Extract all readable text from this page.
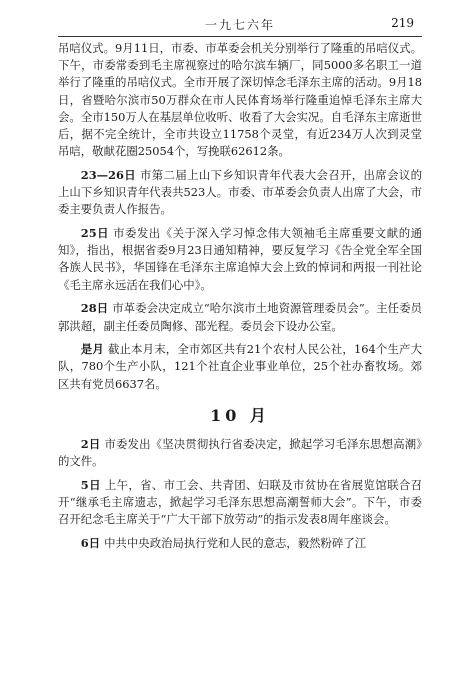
一九七六年	219

吊唁仪式。9月11日，市委、市革委会机关分别举行了隆重的吊唁仪式。下午，市委常委到毛主席视察过的哈尔滨车辆厂，同5000多名职工一道举行了隆重的吊唁仪式。全市开展了深切悼念毛泽东主席的活动。9月18日，省暨哈尔滨市50万群众在市人民体育场举行隆重追悼毛泽东主席大会。全市150万人在基层单位收听、收看了大会实况。自毛泽东主席逝世后，据不完全统计，全市共设立11758个灵堂，有近234万人次到灵堂吊唁，敬献花圈25054个，写挽联62612条。

23—26日 市第二届上山下乡知识青年代表大会召开，出席会议的上山下乡知识青年代表共523人。市委、市革委会负责人出席了大会，市委主要负责人作报告。

25日 市委发出《关于深入学习悼念伟大领袖毛主席重要文献的通知》，指出，根据省委9月23日通知精神，要反复学习《告全党全军全国各族人民书》，华国锋在毛泽东主席追悼大会上致的悼词和两报一刊社论《毛主席永远活在我们心中》。

28日 市革委会决定成立“哈尔滨市土地资源管理委员会”。主任委员郭洪超，副主任委员陶修、邵光程。委员会下设办公室。

是月 截止本月末，全市郊区共有21个农村人民公社，164个生产大队，780个生产小队，121个社直企业事业单位，25个社办畜牧场。郊区共有党员6637名。

10 月

2日 市委发出《坚决贯彻执行省委决定，掀起学习毛泽东思想高潮》的文件。

5日 上午，省、市工会、共青团、妇联及市贫协在省展览馆联合召开“继承毛主席遗志，掀起学习毛泽东思想高潮誓师大会”。下午，市委召开纪念毛主席关于“广大干部下放劳动”的指示发表8周年座谈会。

6日 中共中央政治局执行党和人民的意志，毅然粉碎了江
